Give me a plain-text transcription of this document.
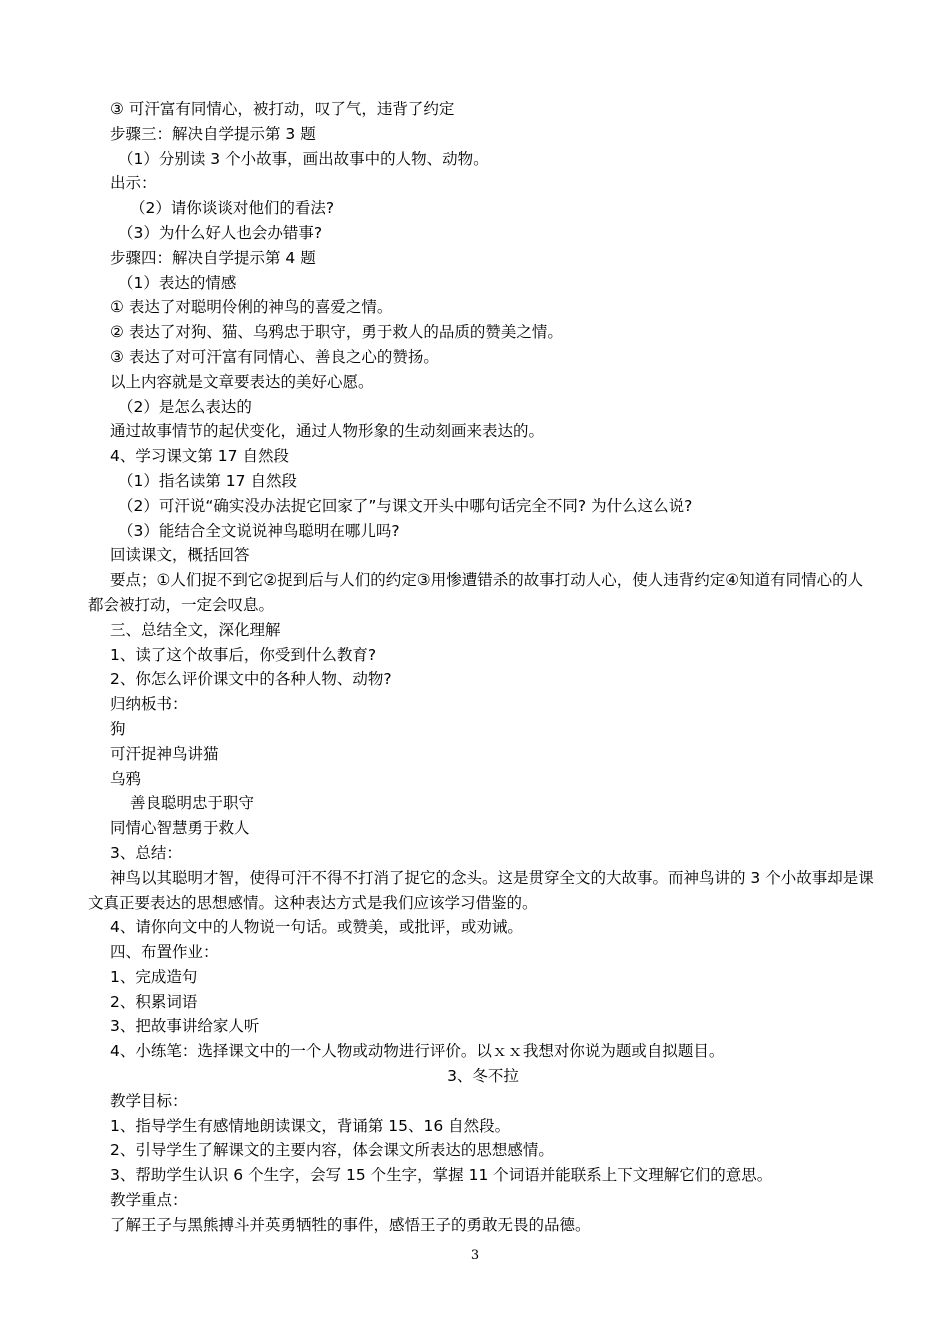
③ 可汗富有同情心，被打动，叹了气，违背了约定
步骤三：解决自学提示第 3 题
（1）分别读 3 个小故事，画出故事中的人物、动物。
出示：
（2）请你谈谈对他们的看法?
（3）为什么好人也会办错事?
步骤四：解决自学提示第 4 题
（1）表达的情感
① 表达了对聪明伶俐的神鸟的喜爱之情。
② 表达了对狗、猫、乌鸦忠于职守，勇于救人的品质的赞美之情。
③ 表达了对可汗富有同情心、善良之心的赞扬。
以上内容就是文章要表达的美好心愿。
（2）是怎么表达的
通过故事情节的起伏变化，通过人物形象的生动刻画来表达的。
4、学习课文第 17 自然段
（1）指名读第 17 自然段
（2）可汗说“确实没办法捉它回家了”与课文开头中哪句话完全不同? 为什么这么说?
（3）能结合全文说说神鸟聪明在哪儿吗?
回读课文，概括回答
要点；①人们捉不到它②捉到后与人们的约定③用惨遭错杀的故事打动人心，使人违背约定④知道有同情心的人都会被打动，一定会叹息。
三、总结全文，深化理解
1、读了这个故事后，你受到什么教育?
2、你怎么评价课文中的各种人物、动物?
归纳板书：
狗
可汗捉神鸟讲猫
乌鸦
善良聪明忠于职守
同情心智慧勇于救人
3、总结：
神鸟以其聪明才智，使得可汗不得不打消了捉它的念头。这是贯穿全文的大故事。而神鸟讲的 3 个小故事却是课文真正要表达的思想感情。这种表达方式是我们应该学习借鉴的。
4、请你向文中的人物说一句话。或赞美，或批评，或劝诫。
四、布置作业：
1、完成造句
2、积累词语
3、把故事讲给家人听
4、小练笔：选择课文中的一个人物或动物进行评价。以ｘｘ我想对你说为题或自拟题目。
3、冬不拉
教学目标：
1、指导学生有感情地朗读课文，背诵第 15、16 自然段。
2、引导学生了解课文的主要内容，体会课文所表达的思想感情。
3、帮助学生认识 6 个生字，会写 15 个生字，掌握 11 个词语并能联系上下文理解它们的意思。
教学重点：
了解王子与黑熊搏斗并英勇牺牲的事件，感悟王子的勇敢无畏的品德。
3
